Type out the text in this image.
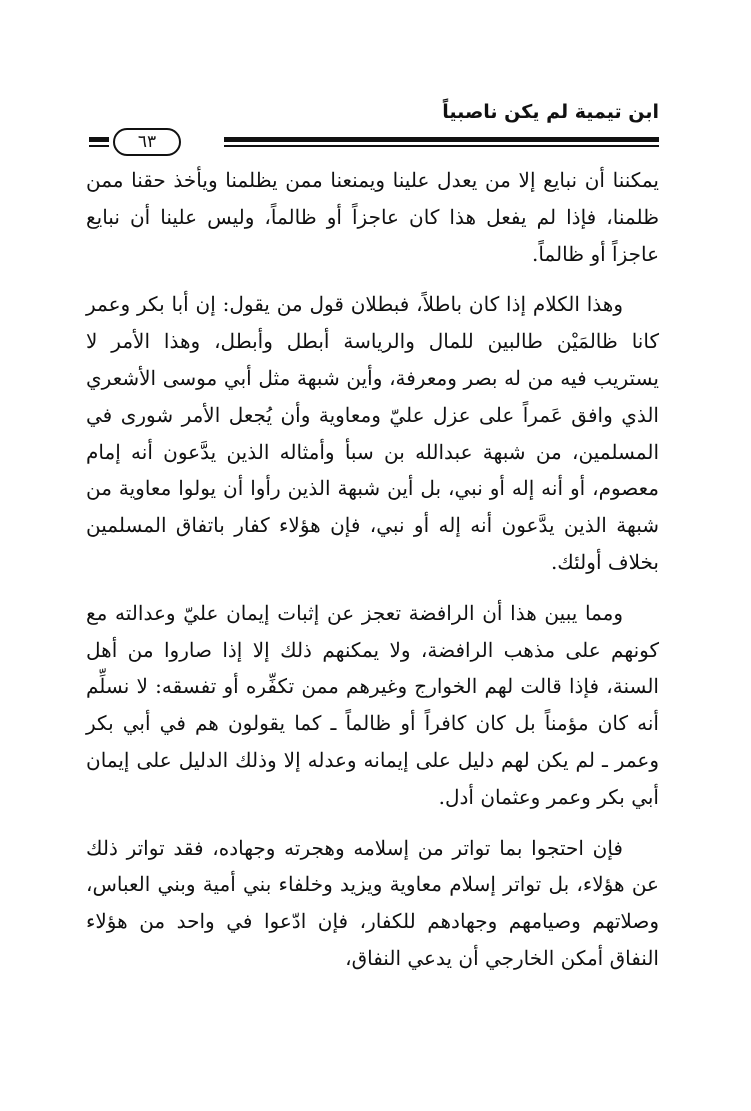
ابن تيمية لم يكن ناصبياً
٦٣

يمكننا أن نبايع إلا من يعدل علينا ويمنعنا ممن يظلمنا ويأخذ حقنا ممن ظلمنا، فإذا لم يفعل هذا كان عاجزاً أو ظالماً، وليس علينا أن نبايع عاجزاً أو ظالماً.

وهذا الكلام إذا كان باطلاً، فبطلان قول من يقول: إن أبا بكر وعمر كانا ظالمَيْن طالبين للمال والرياسة أبطل وأبطل، وهذا الأمر لا يستريب فيه من له بصر ومعرفة، وأين شبهة مثل أبي موسى الأشعري الذي وافق عَمراً على عزل عليّ ومعاوية وأن يُجعل الأمر شورى في المسلمين، من شبهة عبدالله بن سبأ وأمثاله الذين يدَّعون أنه إمام معصوم، أو أنه إله أو نبي، بل أين شبهة الذين رأوا أن يولوا معاوية من شبهة الذين يدَّعون أنه إله أو نبي، فإن هؤلاء كفار باتفاق المسلمين بخلاف أولئك.

ومما يبين هذا أن الرافضة تعجز عن إثبات إيمان عليّ وعدالته مع كونهم على مذهب الرافضة، ولا يمكنهم ذلك إلا إذا صاروا من أهل السنة، فإذا قالت لهم الخوارج وغيرهم ممن تكفِّره أو تفسقه: لا نسلِّم أنه كان مؤمناً بل كان كافراً أو ظالماً ـ كما يقولون هم في أبي بكر وعمر ـ لم يكن لهم دليل على إيمانه وعدله إلا وذلك الدليل على إيمان أبي بكر وعمر وعثمان أدل.

فإن احتجوا بما تواتر من إسلامه وهجرته وجهاده، فقد تواتر ذلك عن هؤلاء، بل تواتر إسلام معاوية ويزيد وخلفاء بني أمية وبني العباس، وصلاتهم وصيامهم وجهادهم للكفار، فإن ادّعوا في واحد من هؤلاء النفاق أمكن الخارجي أن يدعي النفاق،
